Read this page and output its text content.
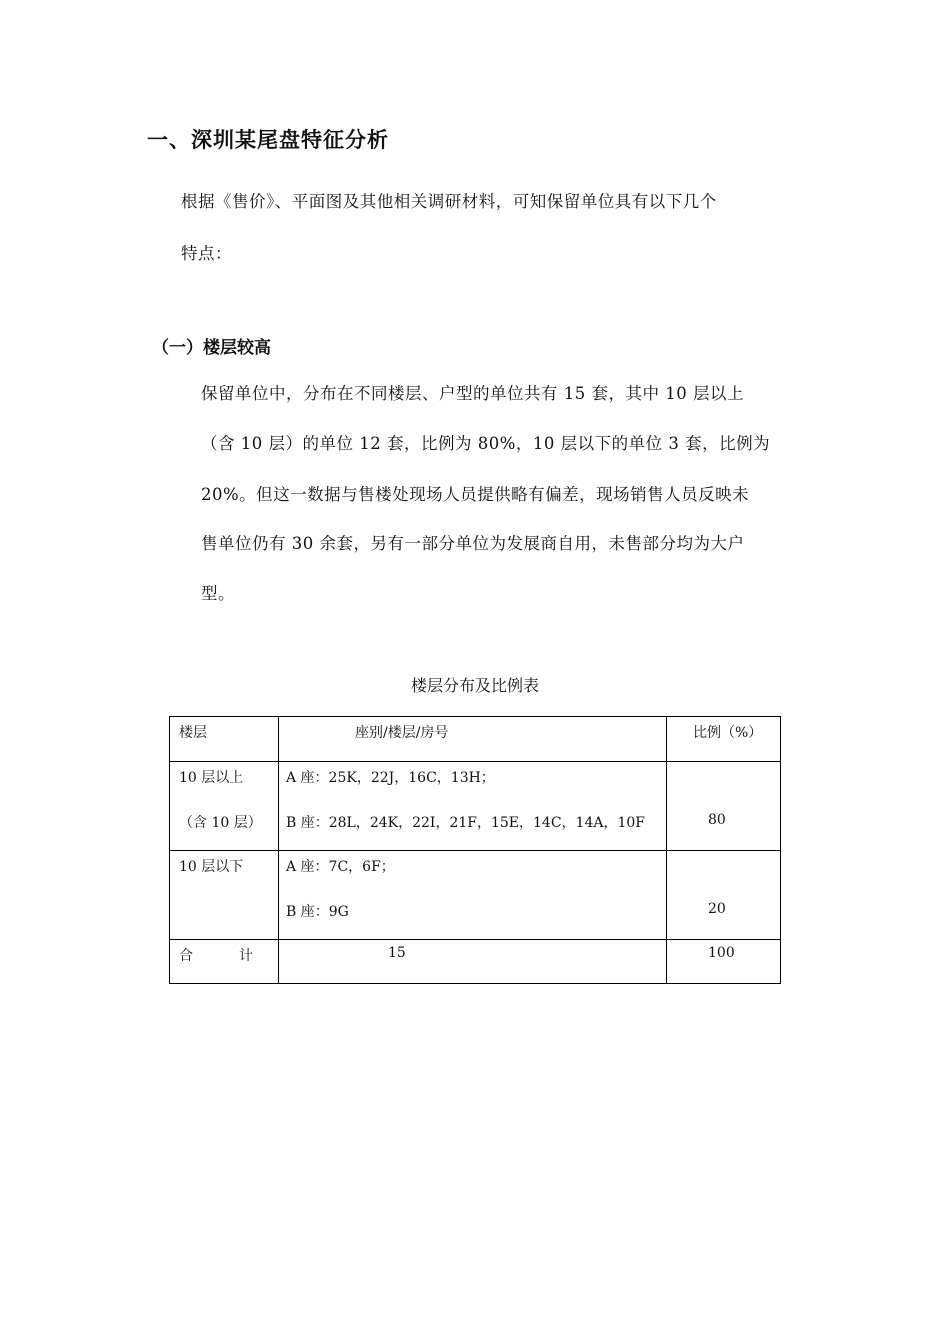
一、深圳某尾盘特征分析
根据《售价》、平面图及其他相关调研材料，可知保留单位具有以下几个
特点：
（一）楼层较高
保留单位中，分布在不同楼层、户型的单位共有 15 套，其中 10 层以上
（含 10 层）的单位 12 套，比例为 80%，10 层以下的单位 3 套，比例为
20%。但这一数据与售楼处现场人员提供略有偏差，现场销售人员反映未
售单位仍有 30 余套，另有一部分单位为发展商自用，未售部分均为大户
型。
楼层分布及比例表
楼层	座别/楼层/房号	比例（%）

10 层以上
（含 10 层）	A 座：25K，22J，16C，13H；
B 座：28L，24K，22I，21F，15E，14C，14A，10F	80

10 层以下	A 座：7C，6F；
B 座：9G	20

合 计	15	100
